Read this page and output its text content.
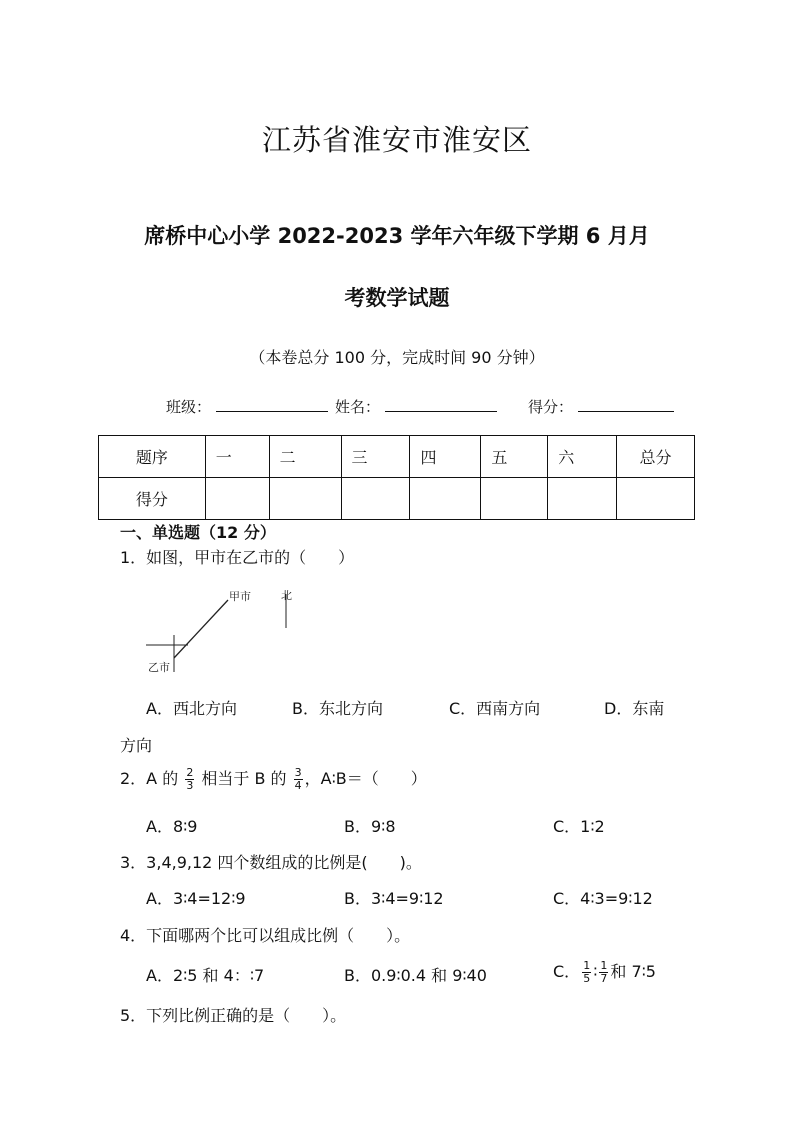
江苏省淮安市淮安区
席桥中心小学 2022-2023 学年六年级下学期 6 月月
考数学试题
（本卷总分 100 分，完成时间 90 分钟）
班级：	姓名：	得分：
题序	一	二	三	四	五	六	总分
得分							
一、单选题（12 分）
1．如图，甲市在乙市的（　　）
甲市	北
乙市
A．西北方向	B．东北方向	C．西南方向	D．东南
方向
2．A 的 $\frac{2}{3}$ 相当于 B 的 $\frac{3}{4}$ ，A∶B＝（　　）
A．8∶9	B．9∶8	C．1∶2
3．3,4,9,12 四个数组成的比例是(　　)。
A．3∶4=12∶9	B．3∶4=9∶12	C．4∶3=9∶12
4．下面哪两个比可以组成比例（　　）。
A．2∶5 和 4：∶7	B．0.9∶0.4 和 9∶40	C． $\frac{1}{5}$ ∶ $\frac{1}{7}$ 和 7∶5
5．下列比例正确的是（　　）。
